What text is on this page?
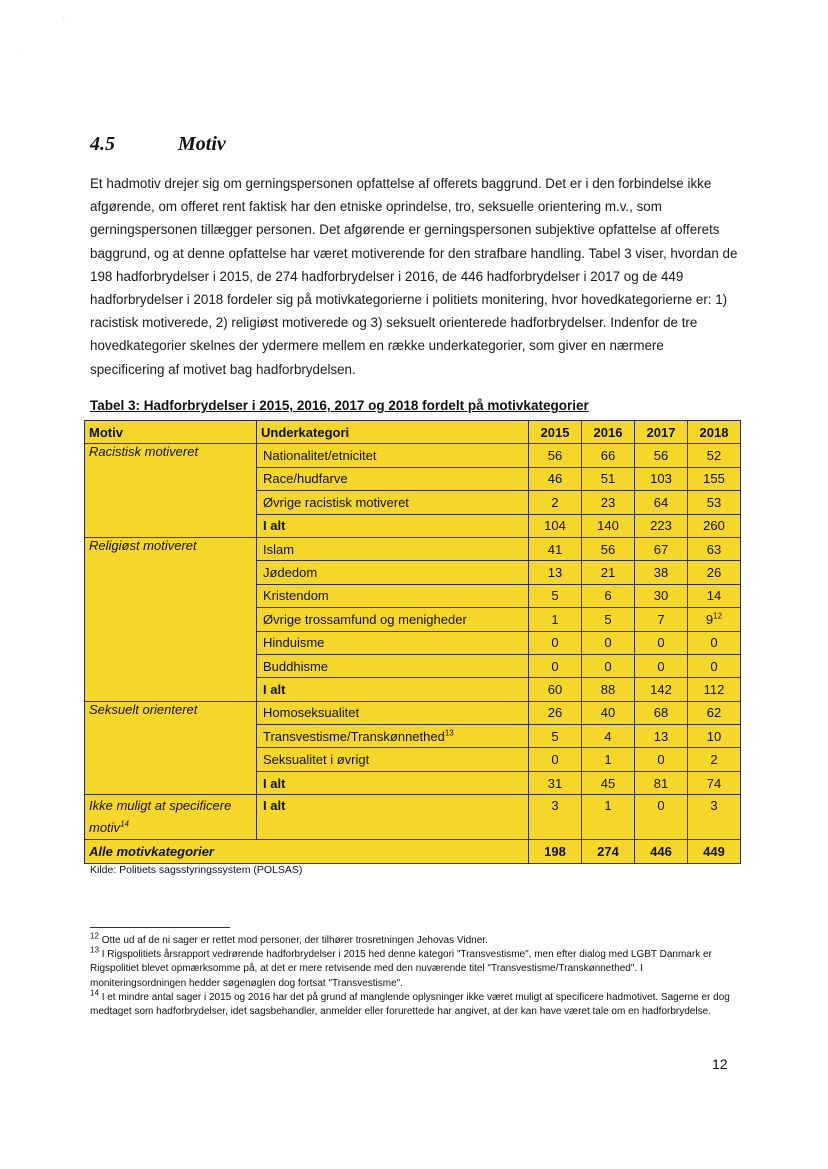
◦
·
4.5	Motiv

Et hadmotiv drejer sig om gerningspersonen opfattelse af offerets baggrund. Det er i den forbindelse ikke afgørende, om offeret rent faktisk har den etniske oprindelse, tro, seksuelle orientering m.v., som gerningspersonen tillægger personen. Det afgørende er gerningspersonen subjektive opfattelse af offerets baggrund, og at denne opfattelse har været motiverende for den strafbare handling. Tabel 3 viser, hvordan de 198 hadforbrydelser i 2015, de 274 hadforbrydelser i 2016, de 446 hadforbrydelser i 2017 og de 449 hadforbrydelser i 2018 fordeler sig på motivkategorierne i politiets monitering, hvor hovedkategorierne er: 1) racistisk motiverede, 2) religiøst motiverede og 3) seksuelt orienterede hadforbrydelser. Indenfor de tre hovedkategorier skelnes der ydermere mellem en række underkategorier, som giver en nærmere specificering af motivet bag hadforbrydelsen.

Tabel 3: Hadforbrydelser i 2015, 2016, 2017 og 2018 fordelt på motivkategorier

Motiv	Underkategori	2015	2016	2017	2018
Racistisk motiveret	Nationalitet/etnicitet	56	66	56	52
	Race/hudfarve	46	51	103	155
	Øvrige racistisk motiveret	2	23	64	53
	I alt	104	140	223	260
Religiøst motiveret	Islam	41	56	67	63
	Jødedom	13	21	38	26
	Kristendom	5	6	30	14
	Øvrige trossamfund og menigheder	1	5	7	$9^{12}$
	Hinduisme	0	0	0	0
	Buddhisme	0	0	0	0
	I alt	60	88	142	112
Seksuelt orienteret	Homoseksualitet	26	40	68	62
	Transvestisme/Transkønnethed$^{13}$	5	4	13	10
	Seksualitet i øvrigt	0	1	0	2
	I alt	31	45	81	74
Ikke muligt at specificere motiv$^{14}$	I alt	3	1	0	3
Alle motivkategorier		198	274	446	449

Kilde: Politiets sagsstyringssystem (POLSAS)

$^{12}$ Otte ud af de ni sager er rettet mod personer, der tilhører trosretningen Jehovas Vidner.

$^{13}$ I Rigspolitiets årsrapport vedrørende hadforbrydelser i 2015 hed denne kategori "Transvestisme", men efter dialog med LGBT Danmark er Rigspolitiet blevet opmærksomme på, at det er mere retvisende med den nuværende titel "Transvestisme/Transkønnethed". I moniteringsordningen hedder søgenøglen dog fortsat "Transvestisme".

$^{14}$ I et mindre antal sager i 2015 og 2016 har det på grund af manglende oplysninger ikke været muligt at specificere hadmotivet. Sagerne er dog medtaget som hadforbrydelser, idet sagsbehandler, anmelder eller forurettede har angivet, at der kan have været tale om en hadforbrydelse.

12
